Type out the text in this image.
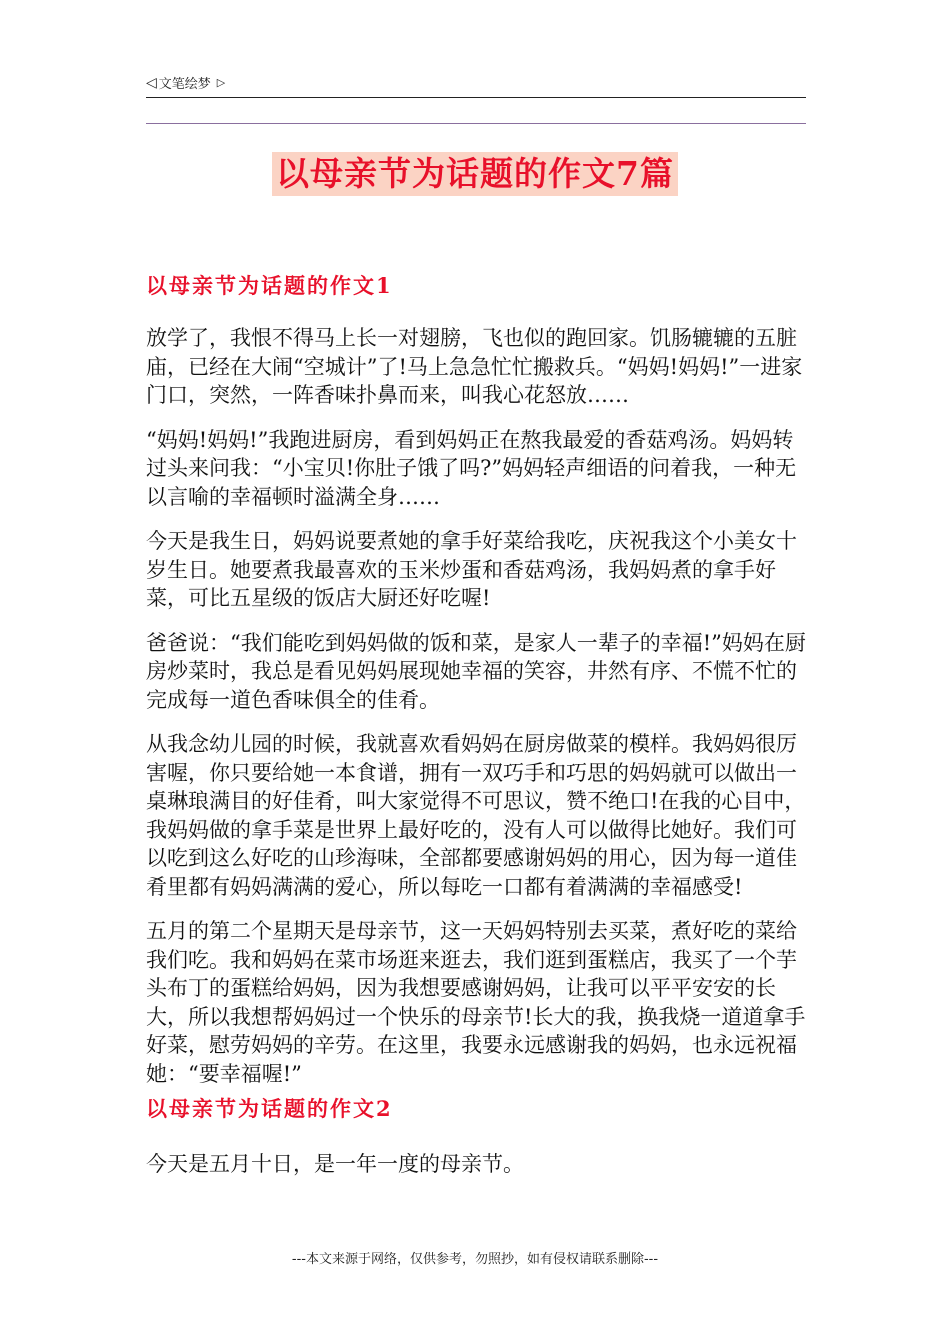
◁ 文笔绘梦 ▷
以母亲节为话题的作文7篇
以母亲节为话题的作文1

放学了，我恨不得马上长一对翅膀，飞也似的跑回家。饥肠辘辘的五脏庙，已经在大闹“空城计”了!马上急急忙忙搬救兵。“妈妈!妈妈!”一进家门口，突然，一阵香味扑鼻而来，叫我心花怒放……

“妈妈!妈妈!”我跑进厨房，看到妈妈正在熬我最爱的香菇鸡汤。妈妈转过头来问我：“小宝贝!你肚子饿了吗?”妈妈轻声细语的问着我，一种无以言喻的幸福顿时溢满全身……

今天是我生日，妈妈说要煮她的拿手好菜给我吃，庆祝我这个小美女十岁生日。她要煮我最喜欢的玉米炒蛋和香菇鸡汤，我妈妈煮的拿手好菜，可比五星级的饭店大厨还好吃喔!

爸爸说：“我们能吃到妈妈做的饭和菜，是家人一辈子的幸福!”妈妈在厨房炒菜时，我总是看见妈妈展现她幸福的笑容，井然有序、不慌不忙的完成每一道色香味俱全的佳肴。

从我念幼儿园的时候，我就喜欢看妈妈在厨房做菜的模样。我妈妈很厉害喔，你只要给她一本食谱，拥有一双巧手和巧思的妈妈就可以做出一桌琳琅满目的好佳肴，叫大家觉得不可思议，赞不绝口!在我的心目中，我妈妈做的拿手菜是世界上最好吃的，没有人可以做得比她好。我们可以吃到这么好吃的山珍海味，全部都要感谢妈妈的用心，因为每一道佳肴里都有妈妈满满的爱心，所以每吃一口都有着满满的幸福感受!

五月的第二个星期天是母亲节，这一天妈妈特别去买菜，煮好吃的菜给我们吃。我和妈妈在菜市场逛来逛去，我们逛到蛋糕店，我买了一个芋头布丁的蛋糕给妈妈，因为我想要感谢妈妈，让我可以平平安安的长大，所以我想帮妈妈过一个快乐的母亲节!长大的我，换我烧一道道拿手好菜，慰劳妈妈的辛劳。在这里，我要永远感谢我的妈妈，也永远祝福她：“要幸福喔!”

以母亲节为话题的作文2

今天是五月十日，是一年一度的母亲节。

---本文来源于网络，仅供参考，勿照抄，如有侵权请联系删除---
